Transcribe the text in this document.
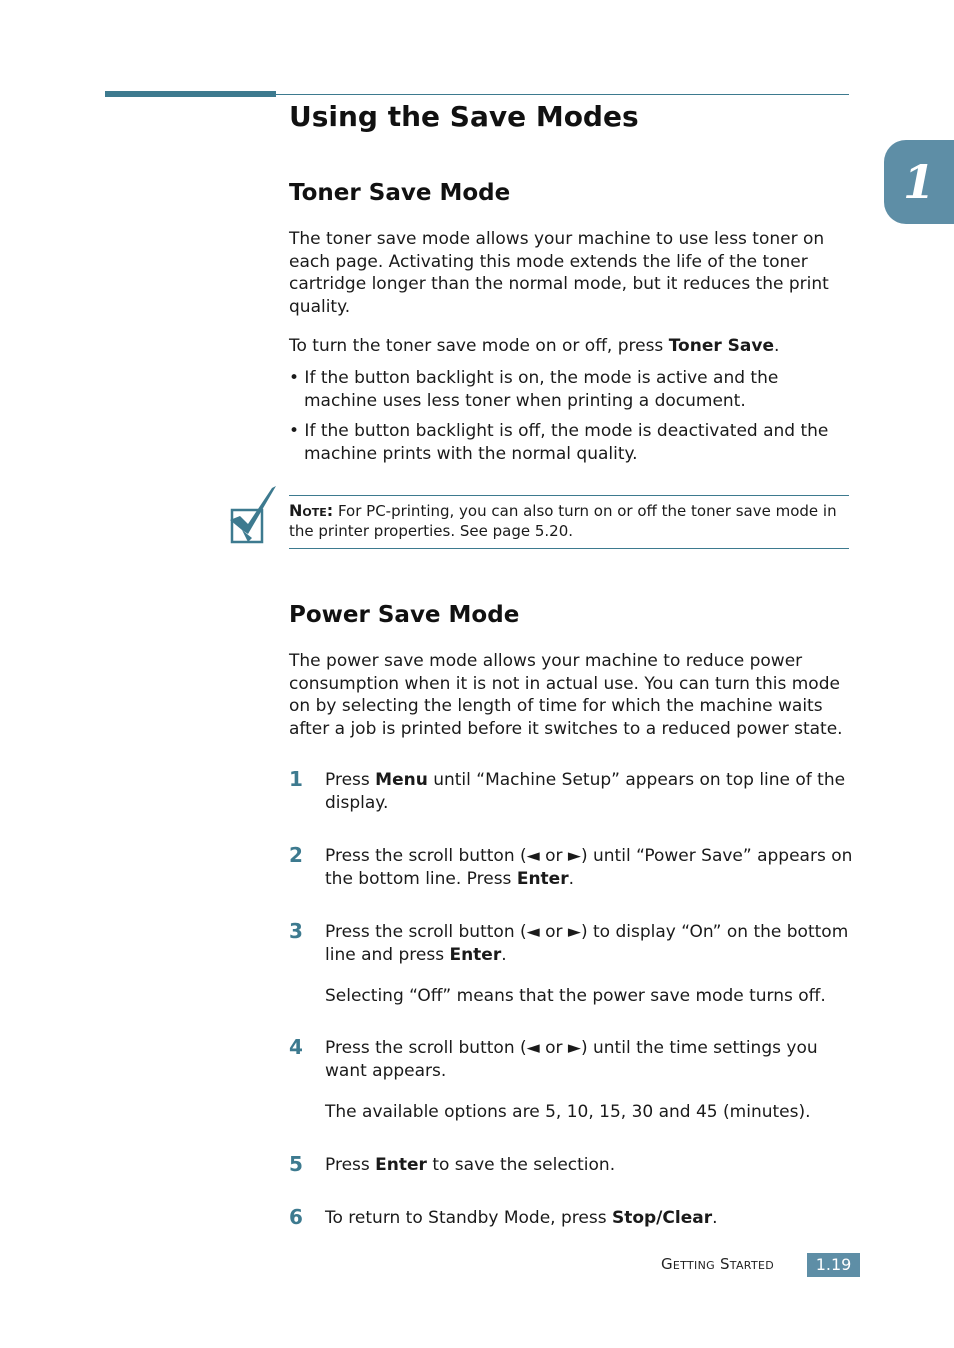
1
Using the Save Modes
Toner Save Mode
The toner save mode allows your machine to use less toner on each page. Activating this mode extends the life of the toner cartridge longer than the normal mode, but it reduces the print quality.
To turn the toner save mode on or off, press Toner Save.
• If the button backlight is on, the mode is active and the machine uses less toner when printing a document.
• If the button backlight is off, the mode is deactivated and the machine prints with the normal quality.
Note: For PC-printing, you can also turn on or off the toner save mode in the printer properties. See page 5.20.
Power Save Mode
The power save mode allows your machine to reduce power consumption when it is not in actual use. You can turn this mode on by selecting the length of time for which the machine waits after a job is printed before it switches to a reduced power state.
1 Press Menu until “Machine Setup” appears on top line of the display.
2 Press the scroll button (◄ or ►) until “Power Save” appears on the bottom line. Press Enter.
3 Press the scroll button (◄ or ►) to display “On” on the bottom line and press Enter.
Selecting “Off” means that the power save mode turns off.
4 Press the scroll button (◄ or ►) until the time settings you want appears.
The available options are 5, 10, 15, 30 and 45 (minutes).
5 Press Enter to save the selection.
6 To return to Standby Mode, press Stop/Clear.
Getting Started	1.19
